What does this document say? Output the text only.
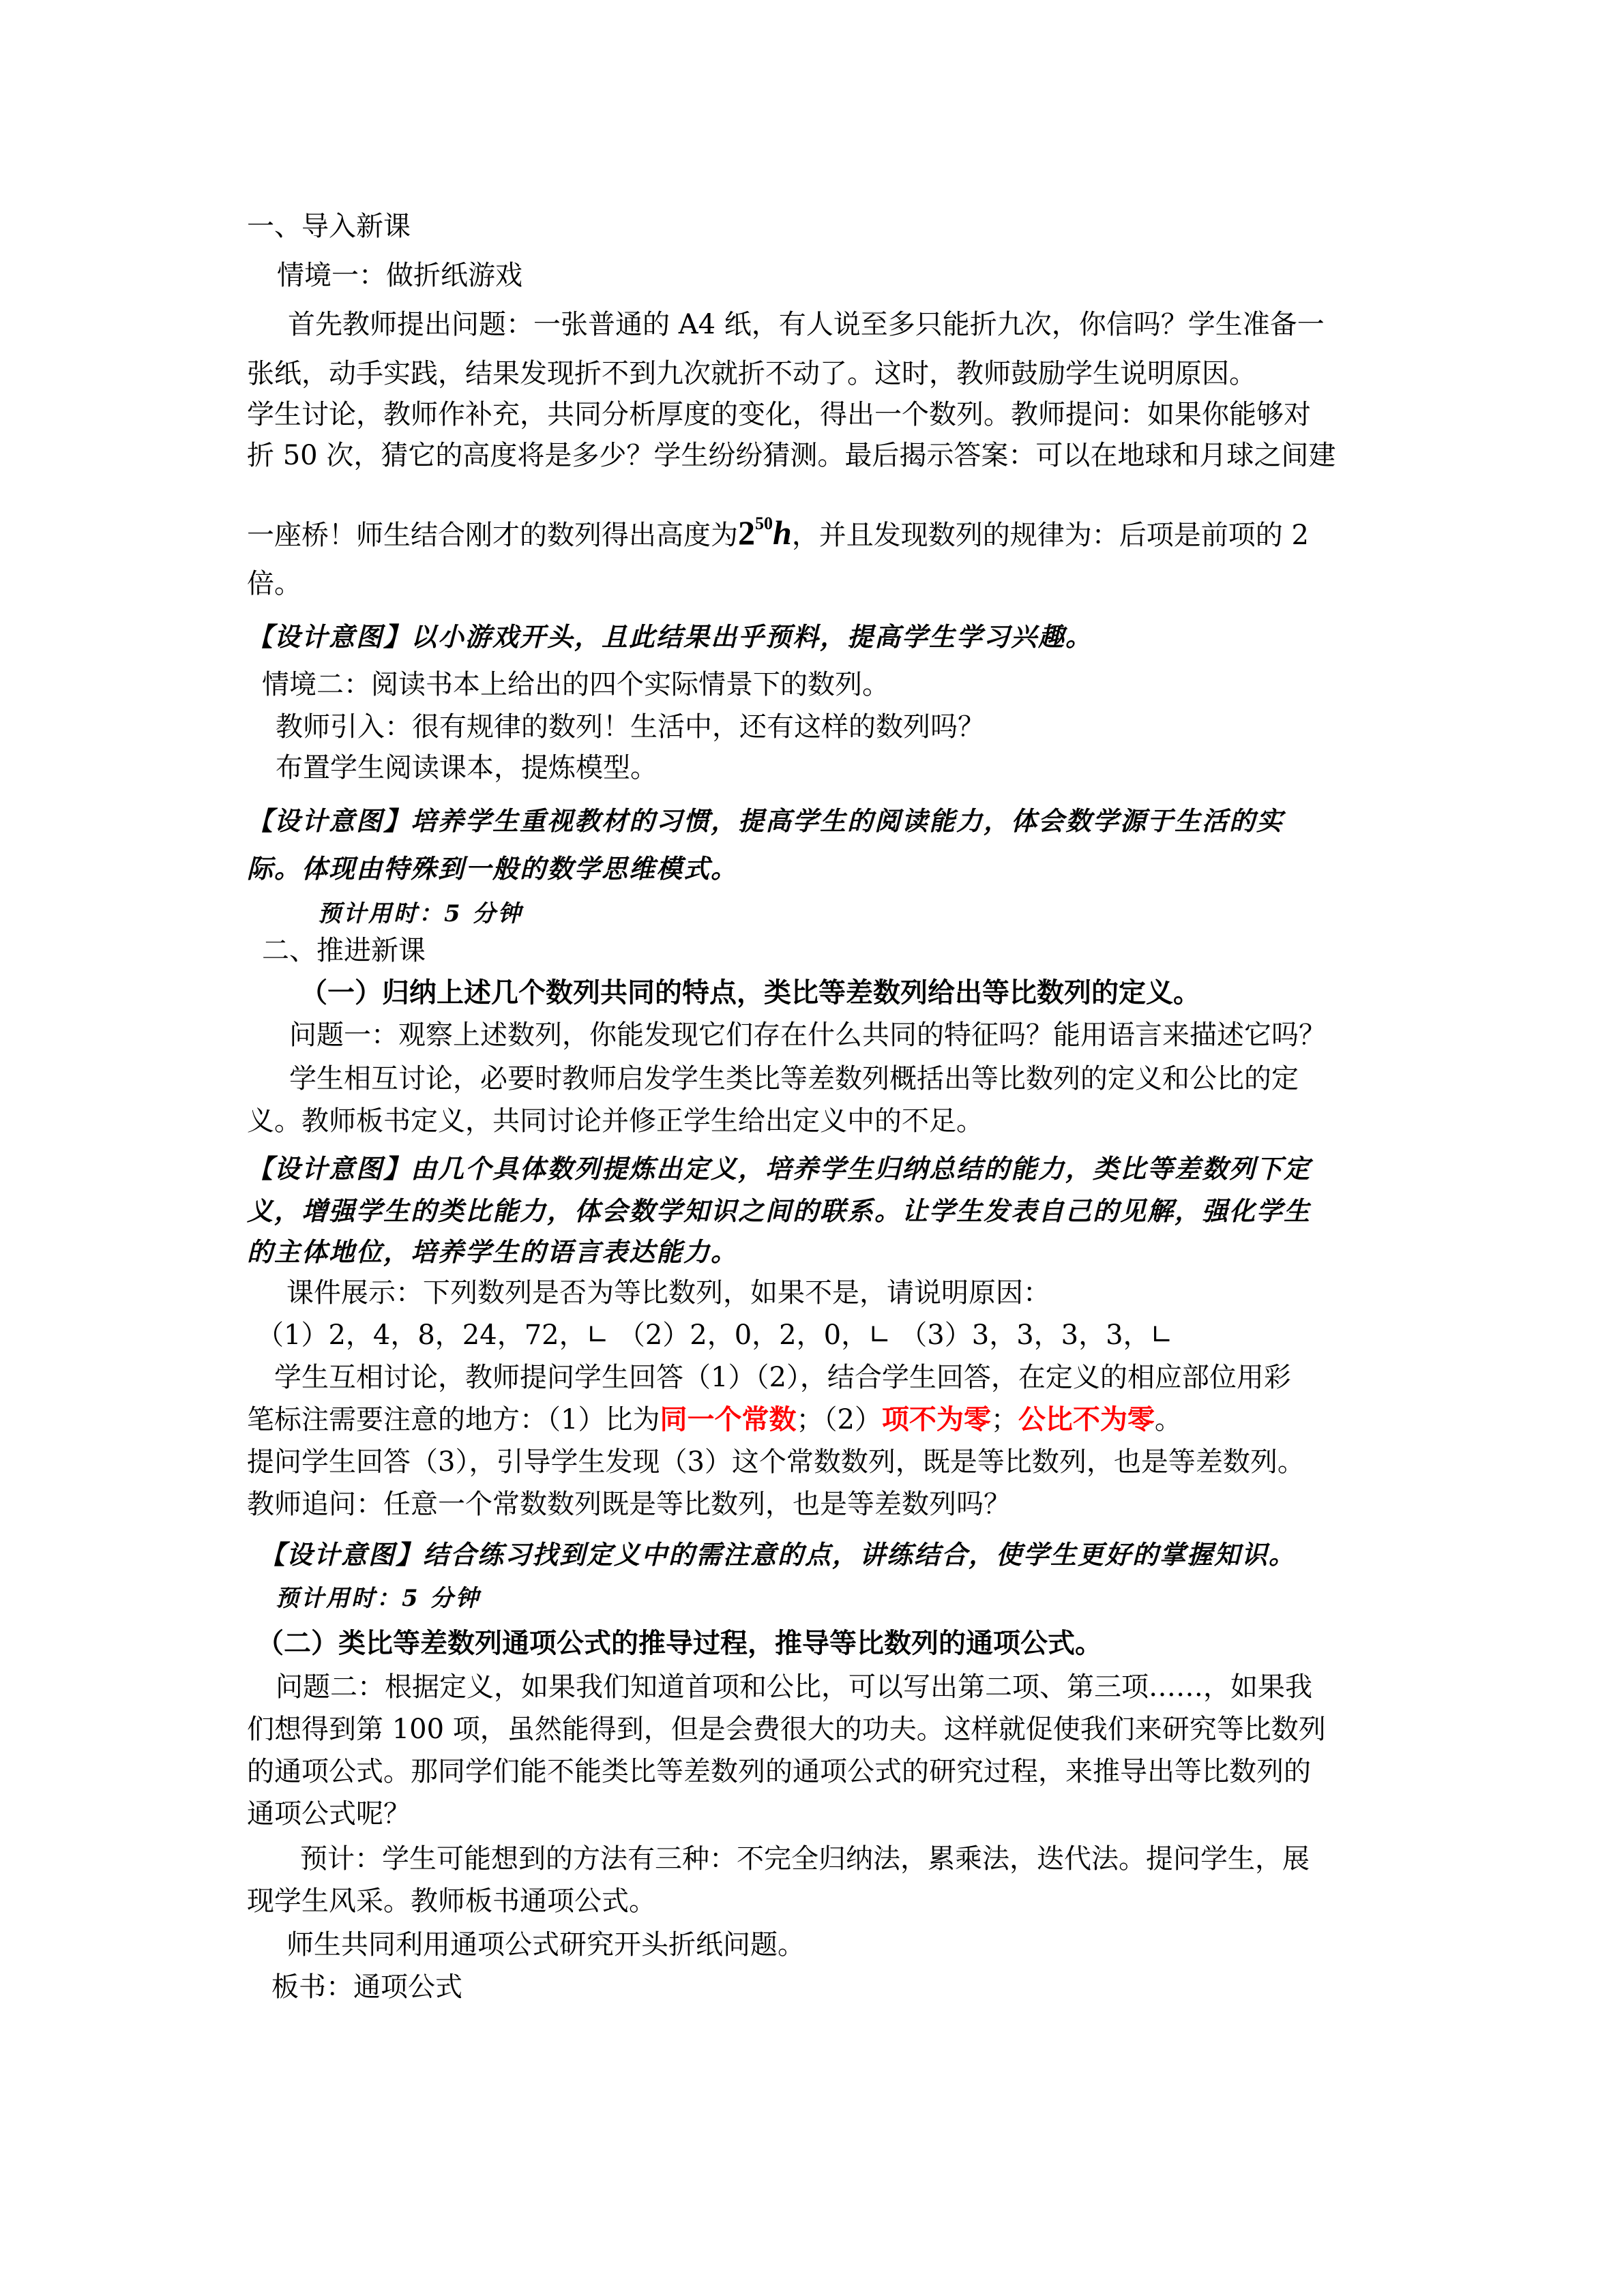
一、导入新课
情境一：做折纸游戏
首先教师提出问题：一张普通的 A4 纸，有人说至多只能折九次，你信吗？学生准备一
张纸，动手实践，结果发现折不到九次就折不动了。这时，教师鼓励学生说明原因。
学生讨论，教师作补充，共同分析厚度的变化，得出一个数列。教师提问：如果你能够对
折 50 次，猜它的高度将是多少？学生纷纷猜测。最后揭示答案：可以在地球和月球之间建
一座桥！师生结合刚才的数列得出高度为$2^{50}h$，并且发现数列的规律为：后项是前项的 2
倍。
【设计意图】以小游戏开头，且此结果出乎预料，提高学生学习兴趣。
情境二：阅读书本上给出的四个实际情景下的数列。
教师引入：很有规律的数列！生活中，还有这样的数列吗？
布置学生阅读课本，提炼模型。
【设计意图】培养学生重视教材的习惯，提高学生的阅读能力，体会数学源于生活的实
际。体现由特殊到一般的数学思维模式。
预计用时：5 分钟
二、推进新课
（一）归纳上述几个数列共同的特点，类比等差数列给出等比数列的定义。
问题一：观察上述数列，你能发现它们存在什么共同的特征吗？能用语言来描述它吗？
学生相互讨论，必要时教师启发学生类比等差数列概括出等比数列的定义和公比的定
义。教师板书定义，共同讨论并修正学生给出定义中的不足。
【设计意图】由几个具体数列提炼出定义，培养学生归纳总结的能力，类比等差数列下定
义，增强学生的类比能力，体会数学知识之间的联系。让学生发表自己的见解，强化学生
的主体地位，培养学生的语言表达能力。
课件展示：下列数列是否为等比数列，如果不是，请说明原因：
（1）2，4，8，24，72，∟ （2）2，0，2，0，∟ （3）3，3，3，3，∟
学生互相讨论，教师提问学生回答（1）（2），结合学生回答，在定义的相应部位用彩
笔标注需要注意的地方：（1）比为同一个常数；（2）项不为零；公比不为零。
提问学生回答（3），引导学生发现（3）这个常数数列，既是等比数列，也是等差数列。
教师追问：任意一个常数数列既是等比数列，也是等差数列吗？
【设计意图】结合练习找到定义中的需注意的点，讲练结合，使学生更好的掌握知识。
预计用时：5 分钟
（二）类比等差数列通项公式的推导过程，推导等比数列的通项公式。
问题二：根据定义，如果我们知道首项和公比，可以写出第二项、第三项……，如果我
们想得到第 100 项，虽然能得到，但是会费很大的功夫。这样就促使我们来研究等比数列
的通项公式。那同学们能不能类比等差数列的通项公式的研究过程，来推导出等比数列的
通项公式呢？
预计：学生可能想到的方法有三种：不完全归纳法，累乘法，迭代法。提问学生，展
现学生风采。教师板书通项公式。
师生共同利用通项公式研究开头折纸问题。
板书：通项公式
